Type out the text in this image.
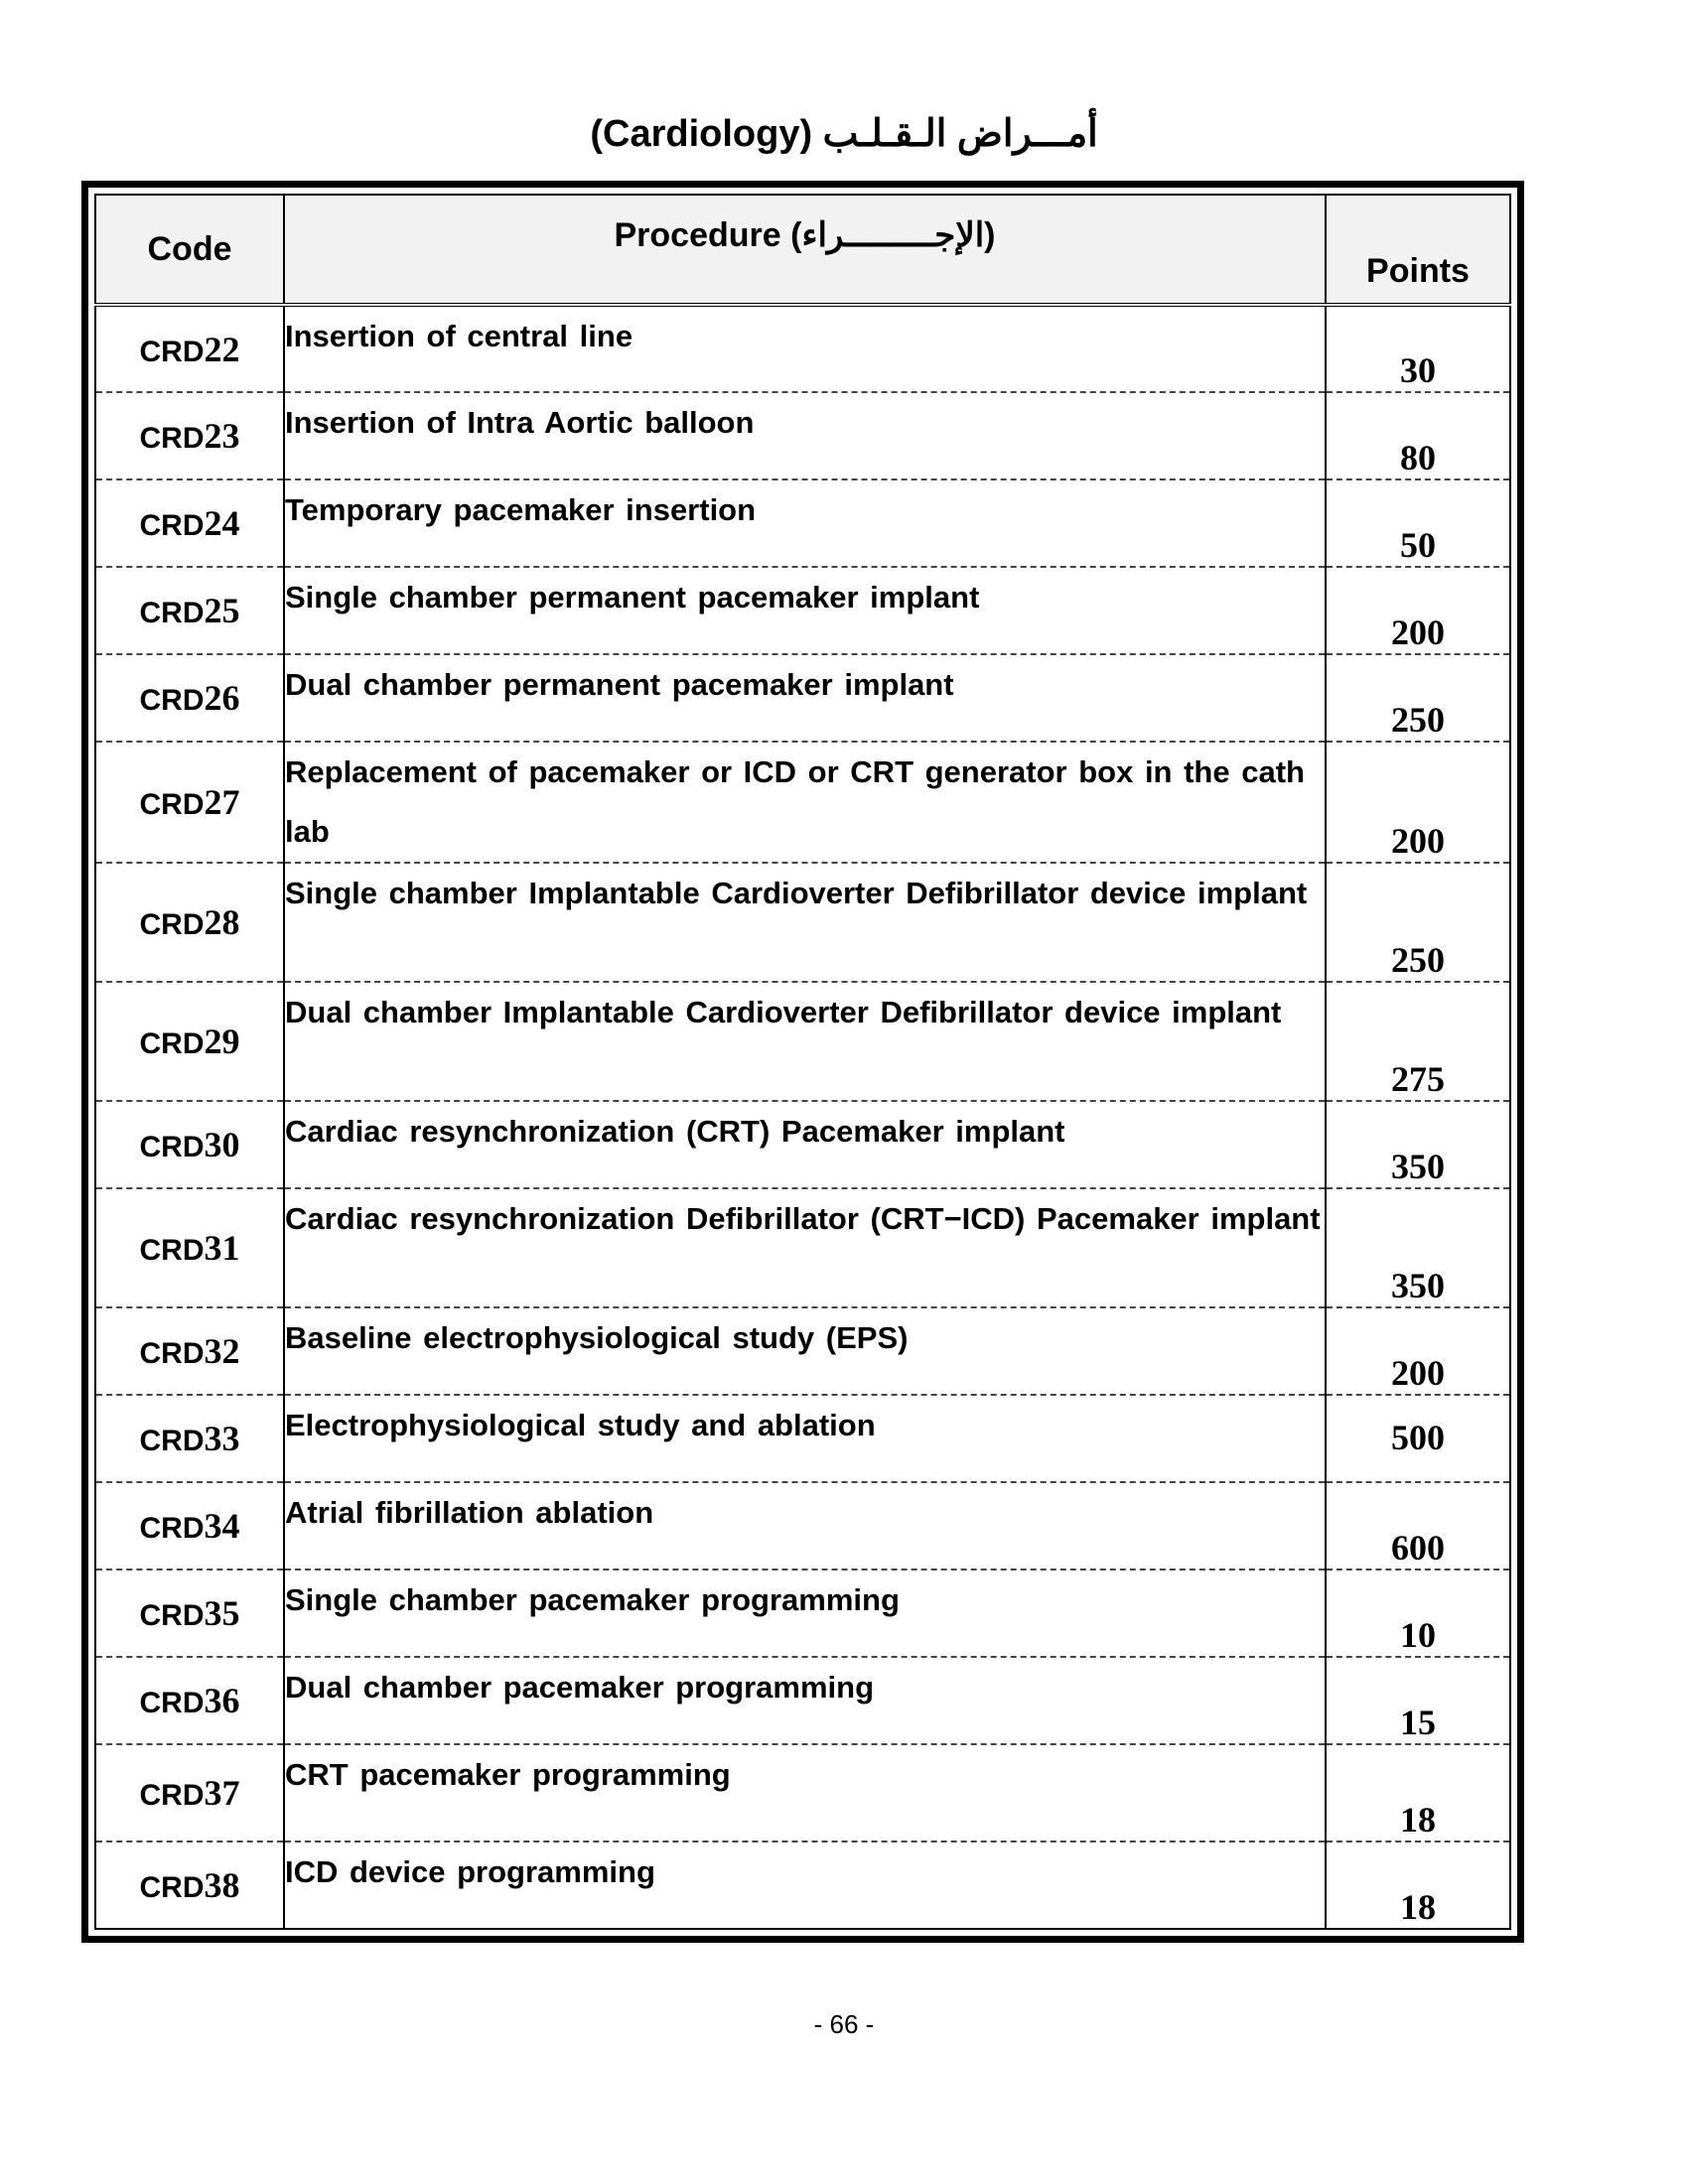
(Cardiology) أمـــراض الـقـلـب
Code	Procedure (الإجـــــــــراء)	Points
CRD22	Insertion of central line	30
CRD23	Insertion of Intra Aortic balloon	80
CRD24	Temporary pacemaker insertion	50
CRD25	Single chamber permanent pacemaker implant	200
CRD26	Dual chamber permanent pacemaker implant	250
CRD27	Replacement of pacemaker or ICD or CRT generator box in the cath lab	200
CRD28	Single chamber Implantable Cardioverter Defibrillator device implant	250
CRD29	Dual chamber Implantable Cardioverter Defibrillator device implant	275
CRD30	Cardiac resynchronization (CRT) Pacemaker implant	350
CRD31	Cardiac resynchronization Defibrillator (CRT−ICD) Pacemaker implant	350
CRD32	Baseline electrophysiological study (EPS)	200
CRD33	Electrophysiological study and ablation	500
CRD34	Atrial fibrillation ablation	600
CRD35	Single chamber pacemaker programming	10
CRD36	Dual chamber pacemaker programming	15
CRD37	CRT pacemaker programming	18
CRD38	ICD device programming	18
- 66 -
